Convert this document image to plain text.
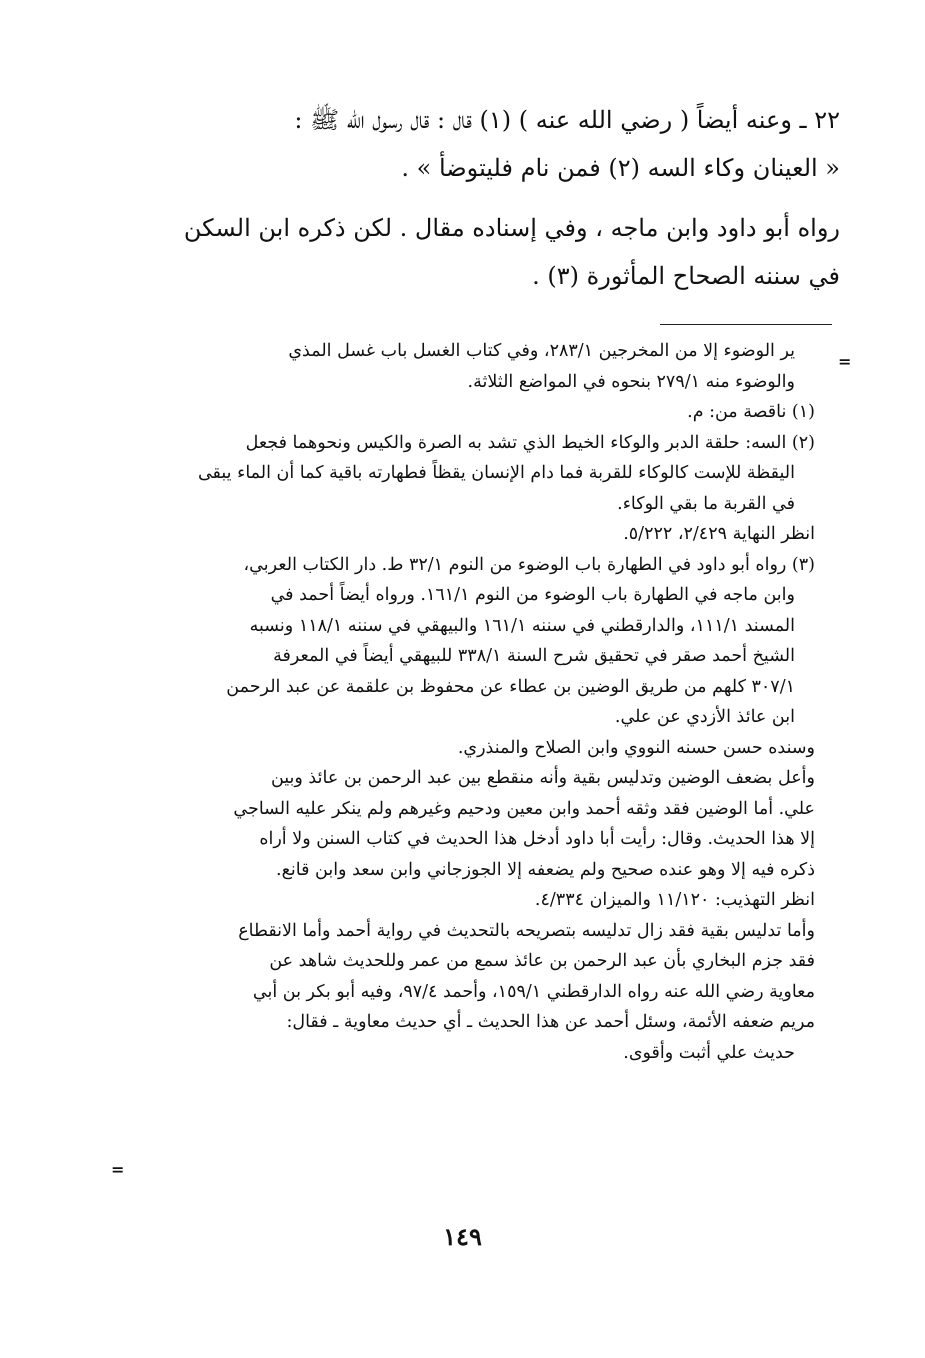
٢٢ ـ وعنه أيضاً ( رضي الله عنه ) (١) قال : قال رسول الله ﷺ :
« العينان وكاء السه (٢) فمن نام فليتوضأ » .

رواه أبو داود وابن ماجه ، وفي إسناده مقال . لكن ذكره ابن السكن
في سننه الصحاح المأثورة (٣) .

=
=
ير الوضوء إلا من المخرجين ٢٨٣/١، وفي كتاب الغسل باب غسل المذي
والوضوء منه ٢٧٩/١ بنحوه في المواضع الثلاثة.
(١) ناقصة من: م.
(٢) السه: حلقة الدبر والوكاء الخيط الذي تشد به الصرة والكيس ونحوهما فجعل
اليقظة للإست كالوكاء للقربة فما دام الإنسان يقظاً فطهارته باقية كما أن الماء يبقى
في القربة ما بقي الوكاء.
انظر النهاية ٢/٤٢٩، ٥/٢٢٢.
(٣) رواه أبو داود في الطهارة باب الوضوء من النوم ٣٢/١ ط. دار الكتاب العربي،
وابن ماجه في الطهارة باب الوضوء من النوم ١٦١/١. ورواه أيضاً أحمد في
المسند ١١١/١، والدارقطني في سننه ١٦١/١ والبيهقي في سننه ١١٨/١ ونسبه
الشيخ أحمد صقر في تحقيق شرح السنة ٣٣٨/١ للبيهقي أيضاً في المعرفة
٣٠٧/١ كلهم من طريق الوضين بن عطاء عن محفوظ بن علقمة عن عبد الرحمن
ابن عائذ الأزدي عن علي.
وسنده حسن حسنه النووي وابن الصلاح والمنذري.
وأعل بضعف الوضين وتدليس بقية وأنه منقطع بين عبد الرحمن بن عائذ وبين
علي. أما الوضين فقد وثقه أحمد وابن معين ودحيم وغيرهم ولم ينكر عليه الساجي
إلا هذا الحديث. وقال: رأيت أبا داود أدخل هذا الحديث في كتاب السنن ولا أراه
ذكره فيه إلا وهو عنده صحيح ولم يضعفه إلا الجوزجاني وابن سعد وابن قانع.
انظر التهذيب: ١١/١٢٠ والميزان ٤/٣٣٤.
وأما تدليس بقية فقد زال تدليسه بتصريحه بالتحديث في رواية أحمد وأما الانقطاع
فقد جزم البخاري بأن عبد الرحمن بن عائذ سمع من عمر وللحديث شاهد عن
معاوية رضي الله عنه رواه الدارقطني ١٥٩/١، وأحمد ٩٧/٤، وفيه أبو بكر بن أبي
مريم ضعفه الأئمة، وسئل أحمد عن هذا الحديث ـ أي حديث معاوية ـ فقال:
حديث علي أثبت وأقوى.
١٤٩
